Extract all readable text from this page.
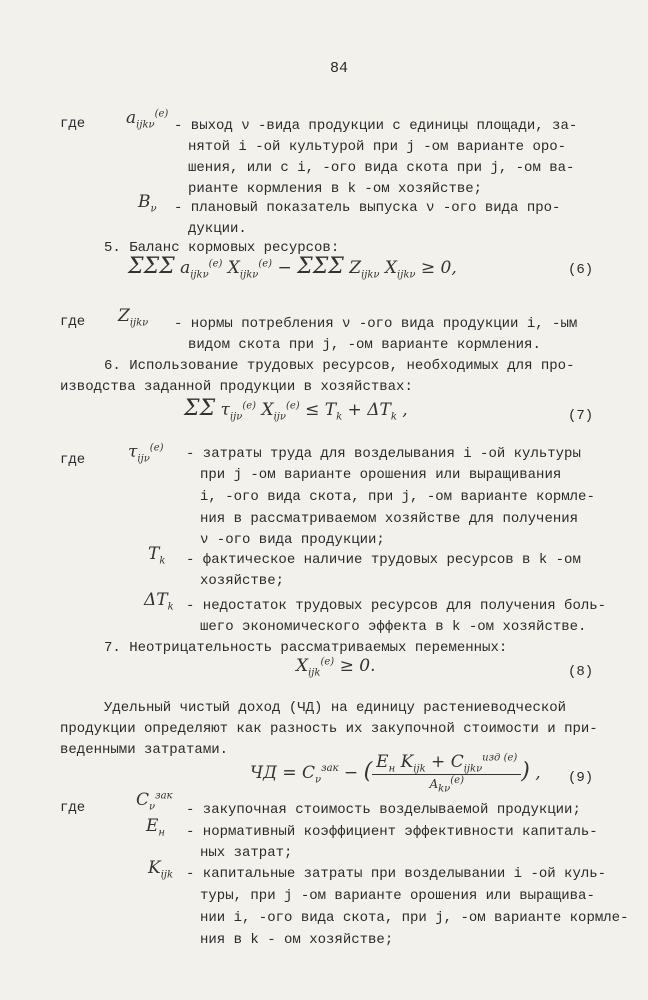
84
где $a_{ijk\nu}^{(e)}$
- выход ν -вида продукции с единицы площади, за-
нятой i -ой культурой при j -ом варианте оро-
шения, или с i, -ого вида скота при j, -ом ва-
рианте кормления в k -ом хозяйстве;
$B_\nu$ - плановый показатель выпуска ν -ого вида про-
дукции.
5. Баланс кормовых ресурсов:
ΣΣΣ $a_{ijk\nu}^{(e)}$ $X_{ijk\nu}^{(e)} - \Sigma\Sigma\Sigma$ $Z_{ijk\nu}$ $X_{ijk\nu} \ge 0$,	(6)
где $Z_{ijk\nu}$ - нормы потребления ν -ого вида продукции i, -ым
видом скота при j, -ом варианте кормления.
6. Использование трудовых ресурсов, необходимых для про-
изводства заданной продукции в хозяйствах:
ΣΣ $\tau_{ij\nu}^{(e)}$ $X_{ij\nu}^{(e)} \le T_k + \Delta T_k$ ,	(7)
где	$\tau_{ij\nu}^{(e)}$ - затраты труда для возделывания i -ой культуры
при j -ом варианте орошения или выращивания
i, -ого вида скота, при j, -ом варианте кормле-
ния в рассматриваемом хозяйстве для получения
ν -ого вида продукции;
$T_k$ - фактическое наличие трудовых ресурсов в k -ом
хозяйстве;
$\Delta T_k$ - недостаток трудовых ресурсов для получения боль-
шего экономического эффекта в k -ом хозяйстве.
7. Неотрицательность рассматриваемых переменных:
$X_{ijk}^{(e)} \ge 0$.	(8)
Удельный чистый доход (ЧД) на единицу растениеводческой
продукции определяют как разность их закупочной стоимости и при-
веденными затратами.
ЧД = $C_\nu^{зак}$ − ( $\frac{E_н K_{ijk} + C_{ijk\nu}^{изд (e)}}{A_{k\nu}^{(e)}}$ ) , (9)
где	$C_\nu^{зак}$
- закупочная стоимость возделываемой продукции;
$E_н$ - нормативный коэффициент эффективности капиталь-
ных затрат;
$K_{ijk}$ - капитальные затраты при возделывании i -ой куль-
туры, при j -ом варианте орошения или выращива-
нии i, -ого вида скота, при j, -ом варианте кормле-
ния в k - ом хозяйстве;
